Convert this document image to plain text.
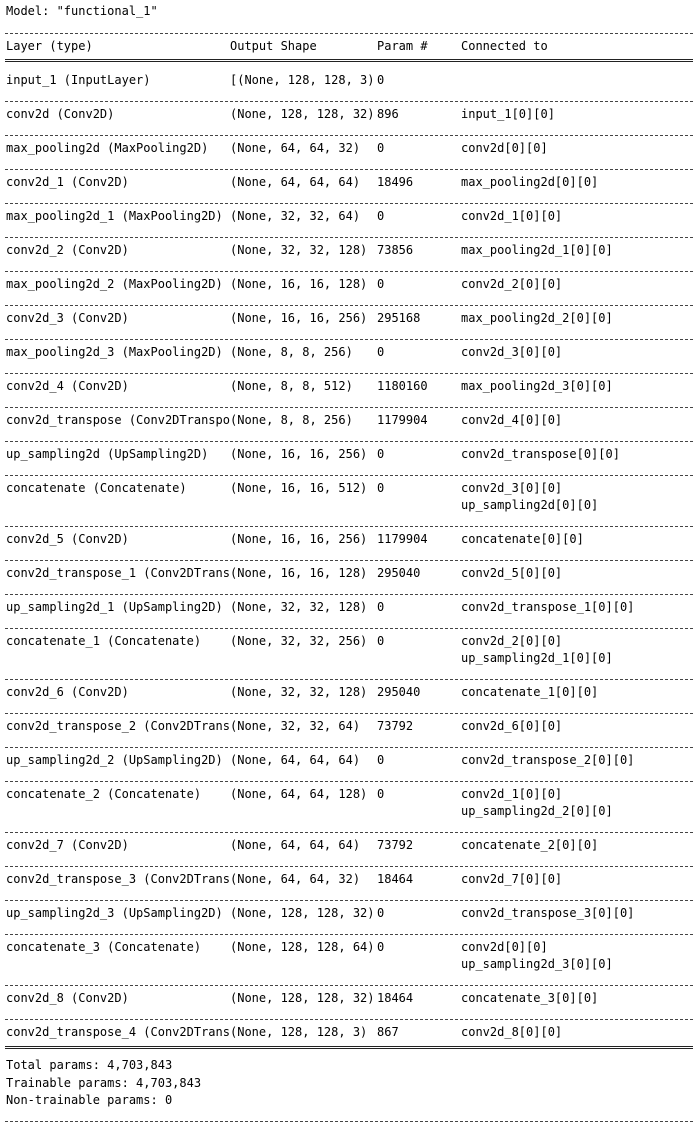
Model: "functional_1"
Layer (type)	Output Shape	Param #	Connected to
input_1 (InputLayer)	[(None, 128, 128, 3) 0
conv2d (Conv2D)	(None, 128, 128, 32) 896	input_1[0][0]
max_pooling2d (MaxPooling2D)	(None, 64, 64, 32)	0	conv2d[0][0]
conv2d_1 (Conv2D)	(None, 64, 64, 64)	18496	max_pooling2d[0][0]
max_pooling2d_1 (MaxPooling2D) (None, 32, 32, 64)	0	conv2d_1[0][0]
conv2d_2 (Conv2D)	(None, 32, 32, 128) 73856	max_pooling2d_1[0][0]
max_pooling2d_2 (MaxPooling2D) (None, 16, 16, 128) 0	conv2d_2[0][0]
conv2d_3 (Conv2D)	(None, 16, 16, 256) 295168	max_pooling2d_2[0][0]
max_pooling2d_3 (MaxPooling2D) (None, 8, 8, 256)	0	conv2d_3[0][0]
conv2d_4 (Conv2D)	(None, 8, 8, 512)	1180160	max_pooling2d_3[0][0]
conv2d_transpose (Conv2DTranspo (None, 8, 8, 256)	1179904	conv2d_4[0][0]
up_sampling2d (UpSampling2D)	(None, 16, 16, 256) 0	conv2d_transpose[0][0]
concatenate (Concatenate)	(None, 16, 16, 512) 0	conv2d_3[0][0]
up_sampling2d[0][0]
conv2d_5 (Conv2D)	(None, 16, 16, 256) 1179904	concatenate[0][0]
conv2d_transpose_1 (Conv2DTrans (None, 16, 16, 128) 295040	conv2d_5[0][0]
up_sampling2d_1 (UpSampling2D) (None, 32, 32, 128) 0	conv2d_transpose_1[0][0]
concatenate_1 (Concatenate)	(None, 32, 32, 256) 0	conv2d_2[0][0]
up_sampling2d_1[0][0]
conv2d_6 (Conv2D)	(None, 32, 32, 128) 295040	concatenate_1[0][0]
conv2d_transpose_2 (Conv2DTrans (None, 32, 32, 64)	73792	conv2d_6[0][0]
up_sampling2d_2 (UpSampling2D) (None, 64, 64, 64)	0	conv2d_transpose_2[0][0]
concatenate_2 (Concatenate)	(None, 64, 64, 128) 0	conv2d_1[0][0]
up_sampling2d_2[0][0]
conv2d_7 (Conv2D)	(None, 64, 64, 64)	73792	concatenate_2[0][0]
conv2d_transpose_3 (Conv2DTrans (None, 64, 64, 32)	18464	conv2d_7[0][0]
up_sampling2d_3 (UpSampling2D) (None, 128, 128, 32) 0	conv2d_transpose_3[0][0]
concatenate_3 (Concatenate)	(None, 128, 128, 64) 0	conv2d[0][0]
up_sampling2d_3[0][0]
conv2d_8 (Conv2D)	(None, 128, 128, 32) 18464	concatenate_3[0][0]
conv2d_transpose_4 (Conv2DTrans (None, 128, 128, 3) 867	conv2d_8[0][0]
Total params: 4,703,843
Trainable params: 4,703,843
Non-trainable params: 0
